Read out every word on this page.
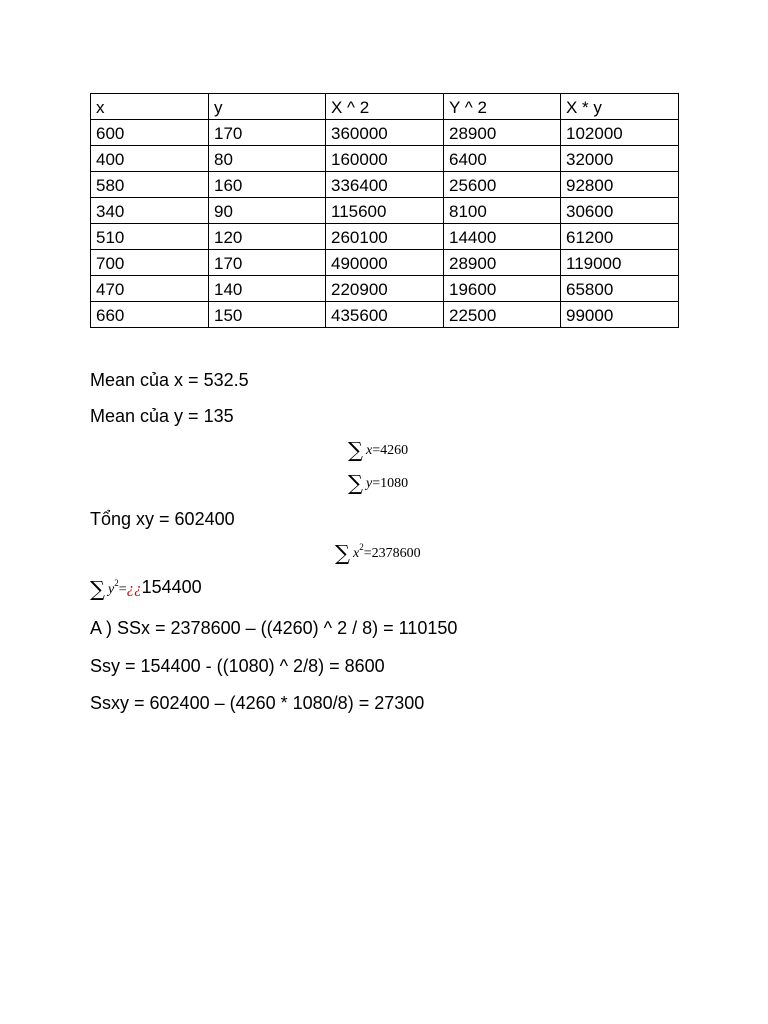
x	y	X ^ 2	Y ^ 2	X * y
600	170	360000	28900	102000
400	80	160000	6400	32000
580	160	336400	25600	92800
340	90	115600	8100	30600
510	120	260100	14400	61200
700	170	490000	28900	119000
470	140	220900	19600	65800
660	150	435600	22500	99000
Mean của x = 532.5
Mean của y = 135
∑ x=4260
∑ y=1080
Tổng xy = 602400
∑ $x^2=2378600$
∑ $y^2=¿¿154400$
A ) SSx = 2378600 – ((4260) ^ 2 / 8) = 110150
Ssy = 154400 - ((1080) ^ 2/8) = 8600
Ssxy = 602400 – (4260 * 1080/8) = 27300
